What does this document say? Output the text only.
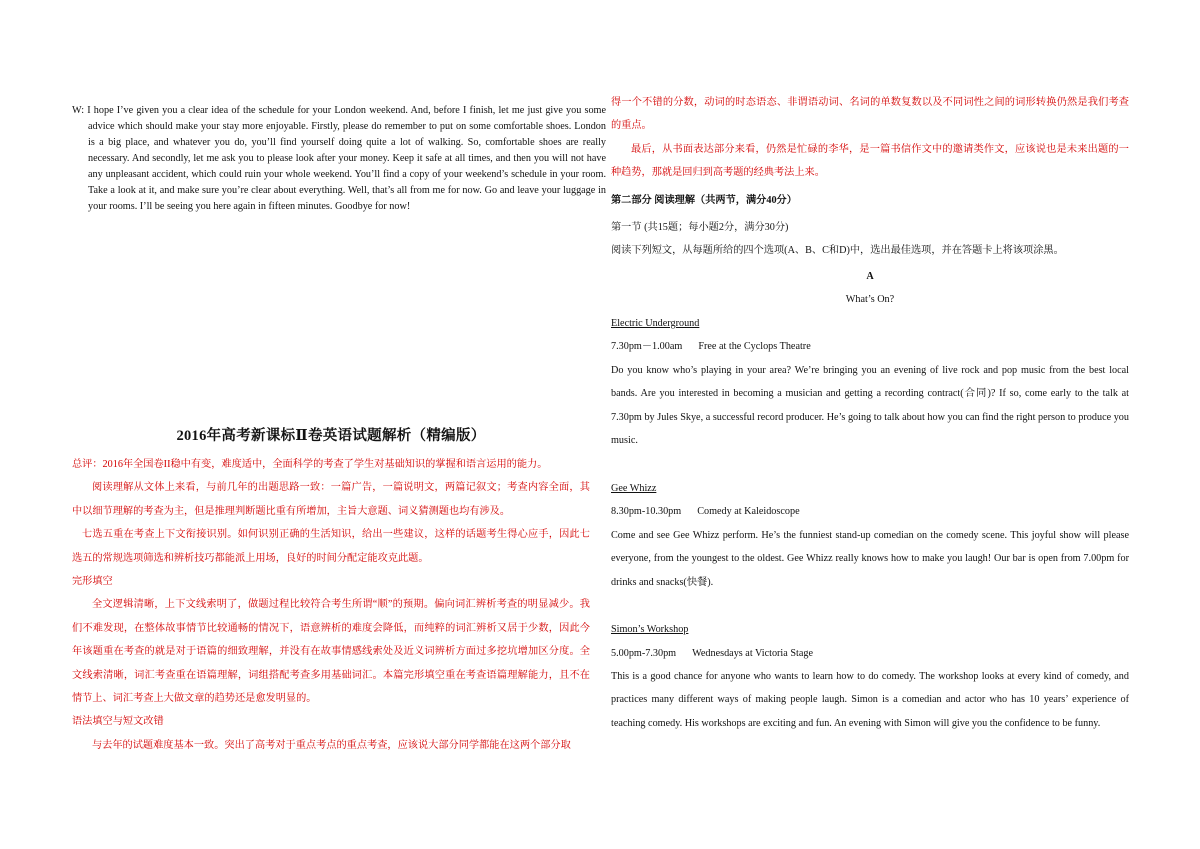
W: I hope I’ve given you a clear idea of the schedule for your London weekend. And, before I finish, let me just give you some advice which should make your stay more enjoyable. Firstly, please do remember to put on some comfortable shoes. London is a big place, and whatever you do, you’ll find yourself doing quite a lot of walking. So, comfortable shoes are really necessary. And secondly, let me ask you to please look after your money. Keep it safe at all times, and then you will not have any unpleasant accident, which could ruin your whole weekend. You’ll find a copy of your weekend’s schedule in your room. Take a look at it, and make sure you’re clear about everything. Well, that’s all from me for now. Go and leave your luggage in your rooms. I’ll be seeing you here again in fifteen minutes. Goodbye for now!

2016年高考新课标Ⅱ卷英语试题解析（精编版）

总评：2016年全国卷II稳中有变，难度适中，全面科学的考查了学生对基础知识的掌握和语言运用的能力。

阅读理解从文体上来看，与前几年的出题思路一致：一篇广告，一篇说明文，两篇记叙文；考查内容全面，其中以细节理解的考查为主，但是推理判断题比重有所增加，主旨大意题、词义猜测题也均有涉及。

七选五重在考查上下文衔接识别。如何识别正确的生活知识，给出一些建议，这样的话题考生得心应手，因此七选五的常规选项筛选和辨析技巧都能派上用场，良好的时间分配定能攻克此题。

完形填空

全文逻辑清晰，上下文线索明了，做题过程比较符合考生所谓“顺”的预期。偏向词汇辨析考查的明显减少。我们不难发现，在整体故事情节比较通畅的情况下，语意辨析的难度会降低，而纯粹的词汇辨析又居于少数，因此今年该题重在考查的就是对于语篇的细致理解，并没有在故事情感线索处及近义词辨析方面过多挖坑增加区分度。全文线索清晰，词汇考查重在语篇理解，词组搭配考查多用基础词汇。本篇完形填空重在考查语篇理解能力，且不在情节上、词汇考查上大做文章的趋势还是愈发明显的。

语法填空与短文改错

与去年的试题难度基本一致。突出了高考对于重点考点的重点考查，应该说大部分同学都能在这两个部分取

得一个不错的分数，动词的时态语态、非谓语动词、名词的单数复数以及不同词性之间的词形转换仍然是我们考查的重点。
最后，从书面表达部分来看，仍然是忙碌的李华，是一篇书信作文中的邀请类作文，应该说也是未来出题的一种趋势，那就是回归到高考题的经典考法上来。
第二部分 阅读理解（共两节，满分40分）
第一节 (共15题；每小题2分，满分30分)
阅读下列短文，从每题所给的四个选项(A、B、C和D)中，选出最佳选项，并在答题卡上将该项涂黑。
A
What’s On?
Electric Underground
7.30pm－1.00am Free at the Cyclops Theatre
Do you know who’s playing in your area? We’re bringing you an evening of live rock and pop music from the best local bands. Are you interested in becoming a musician and getting a recording contract(合同)? If so, come early to the talk at 7.30pm by Jules Skye, a successful record producer. He’s going to talk about how you can find the right person to produce you music.
Gee Whizz
8.30pm-10.30pm Comedy at Kaleidoscope
Come and see Gee Whizz perform. He’s the funniest stand-up comedian on the comedy scene. This joyful show will please everyone, from the youngest to the oldest. Gee Whizz really knows how to make you laugh! Our bar is open from 7.00pm for drinks and snacks(快餐).
Simon’s Workshop
5.00pm-7.30pm Wednesdays at Victoria Stage
This is a good chance for anyone who wants to learn how to do comedy. The workshop looks at every kind of comedy, and practices many different ways of making people laugh. Simon is a comedian and actor who has 10 years’ experience of teaching comedy. His workshops are exciting and fun. An evening with Simon will give you the confidence to be funny.
